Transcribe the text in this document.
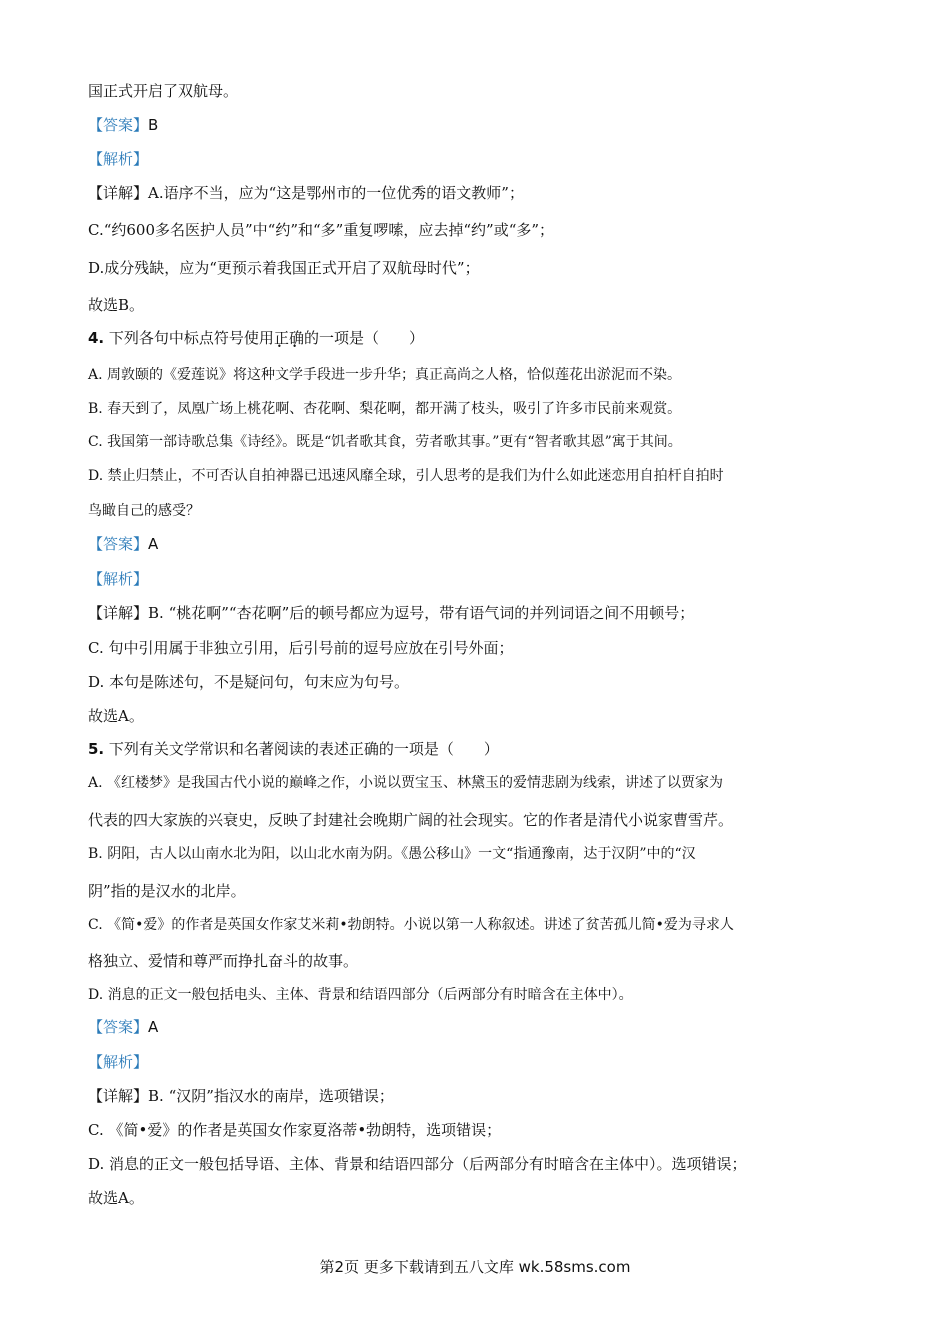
国正式开启了双航母。
【答案】B
【解析】
【详解】A.语序不当，应为“这是鄂州市的一位优秀的语文教师”；
C.“约600多名医护人员”中“约”和“多”重复啰嗦，应去掉“约”或“多”；
D.成分残缺，应为“更预示着我国正式开启了双航母时代”；
故选B。
4. 下列各句中标点符号使用正确 • •的一项是（　　）
A. 周敦颐的《爱莲说》将这种文学手段进一步升华；真正高尚之人格，恰似莲花出淤泥而不染。
B. 春天到了，凤凰广场上桃花啊、杏花啊、梨花啊，都开满了枝头，吸引了许多市民前来观赏。
C. 我国第一部诗歌总集《诗经》。既是“饥者歌其食，劳者歌其事。”更有“智者歌其恩”寓于其间。
D. 禁止归禁止，不可否认自拍神器已迅速风靡全球，引人思考的是我们为什么如此迷恋用自拍杆自拍时
鸟瞰自己的感受？
【答案】A
【解析】
【详解】B. “桃花啊”“杏花啊”后的顿号都应为逗号，带有语气词的并列词语之间不用顿号；
C. 句中引用属于非独立引用，后引号前的逗号应放在引号外面；
D. 本句是陈述句，不是疑问句，句末应为句号。
故选A。
5. 下列有关文学常识和名著阅读的表述正确的一项是（　　）
A. 《红楼梦》是我国古代小说的巅峰之作，小说以贾宝玉、林黛玉的爱情悲剧为线索，讲述了以贾家为
代表的四大家族的兴衰史，反映了封建社会晚期广阔的社会现实。它的作者是清代小说家曹雪芹。
B. 阴阳，古人以山南水北为阳，以山北水南为阴。《愚公移山》一文“指通豫南，达于汉阴”中的“汉
阴”指的是汉水的北岸。
C. 《简•爱》的作者是英国女作家艾米莉•勃朗特。小说以第一人称叙述。讲述了贫苦孤儿简•爱为寻求人
格独立、爱情和尊严而挣扎奋斗的故事。
D. 消息的正文一般包括电头、主体、背景和结语四部分（后两部分有时暗含在主体中）。
【答案】A
【解析】
【详解】B. “汉阴”指汉水的南岸，选项错误；
C. 《简•爱》的作者是英国女作家夏洛蒂•勃朗特，选项错误；
D. 消息的正文一般包括导语、主体、背景和结语四部分（后两部分有时暗含在主体中）。选项错误；
故选A。
第2页 更多下载请到五八文库 wk.58sms.com
